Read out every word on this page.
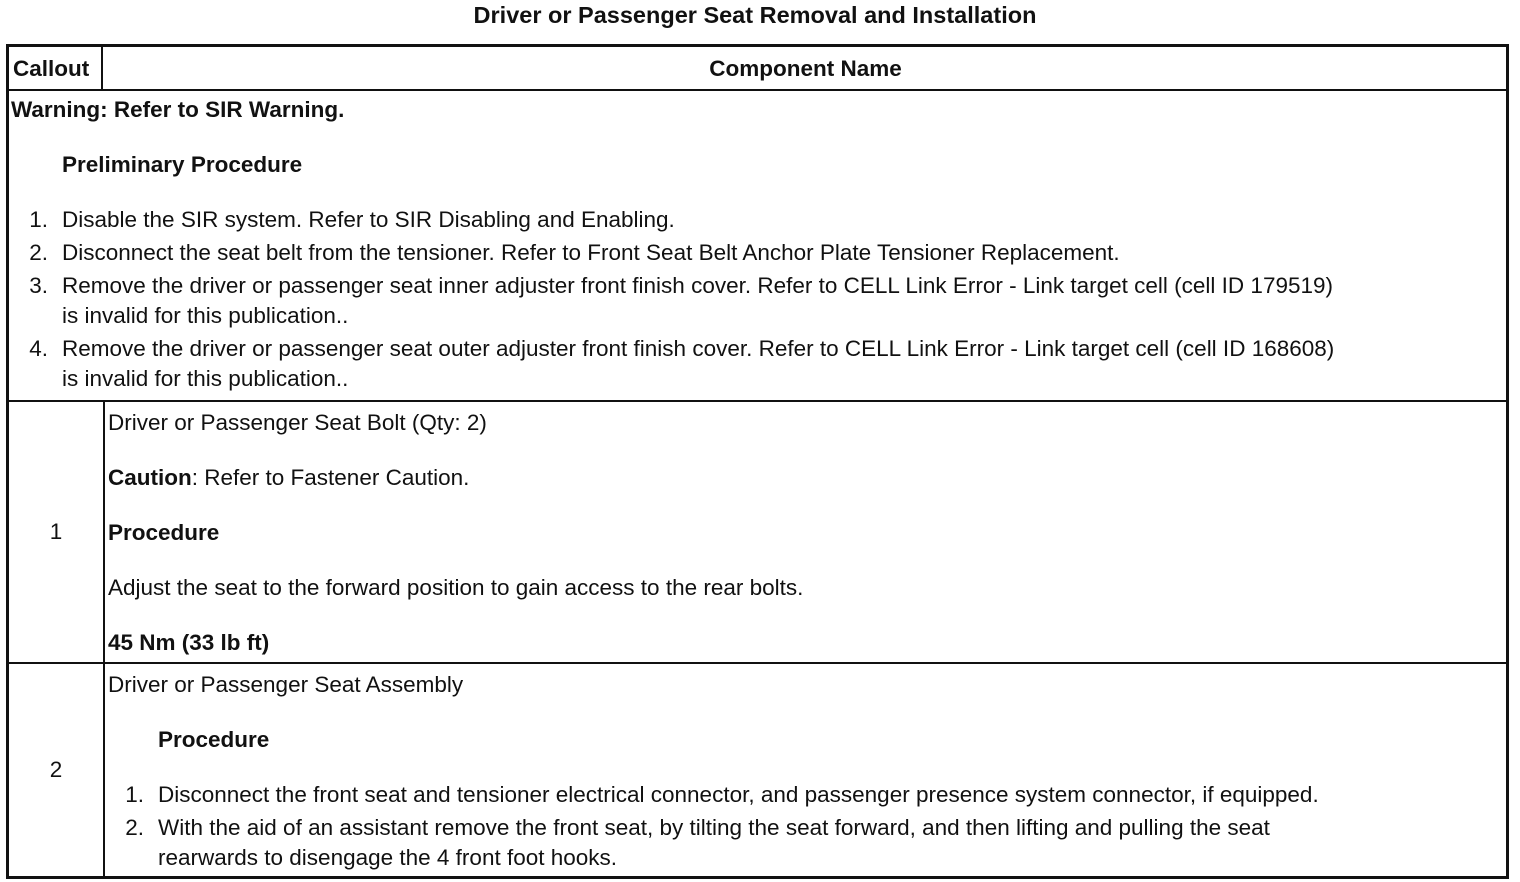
Driver or Passenger Seat Removal and Installation
Callout	Component Name
Warning: Refer to SIR Warning.
Preliminary Procedure
1. Disable the SIR system. Refer to SIR Disabling and Enabling.
2. Disconnect the seat belt from the tensioner. Refer to Front Seat Belt Anchor Plate Tensioner Replacement.
3. Remove the driver or passenger seat inner adjuster front finish cover. Refer to CELL Link Error - Link target cell (cell ID 179519)
is invalid for this publication..
4. Remove the driver or passenger seat outer adjuster front finish cover. Refer to CELL Link Error - Link target cell (cell ID 168608)
is invalid for this publication..
1
Driver or Passenger Seat Bolt (Qty: 2)
Caution: Refer to Fastener Caution.
Procedure
Adjust the seat to the forward position to gain access to the rear bolts.
45 Nm (33 lb ft)
2
Driver or Passenger Seat Assembly
Procedure
1. Disconnect the front seat and tensioner electrical connector, and passenger presence system connector, if equipped.
2. With the aid of an assistant remove the front seat, by tilting the seat forward, and then lifting and pulling the seat
rearwards to disengage the 4 front foot hooks.
